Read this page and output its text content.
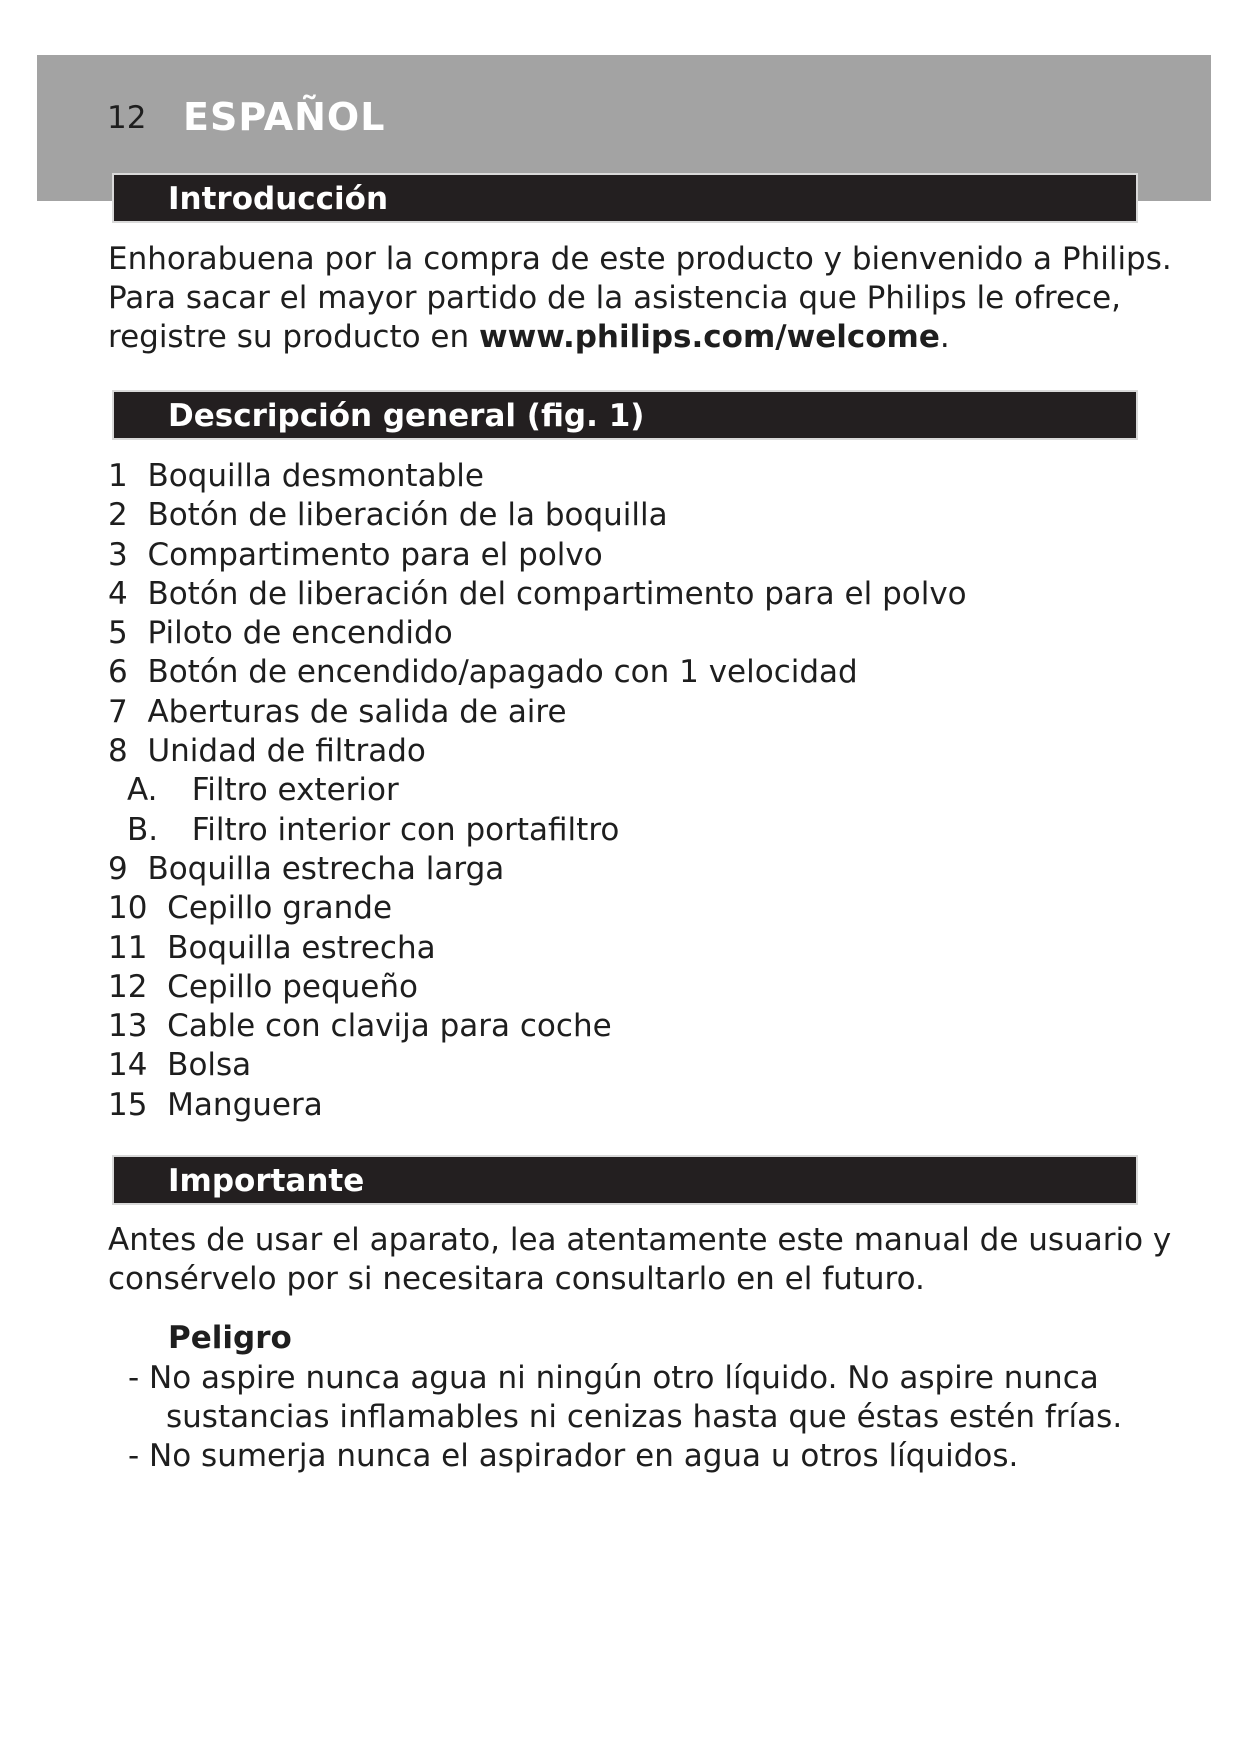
12 ESPAÑOL
Introducción
Enhorabuena por la compra de este producto y bienvenido a Philips.
Para sacar el mayor partido de la asistencia que Philips le ofrece,
registre su producto en www.philips.com/welcome.
Descripción general (fig. 1)
1 Boquilla desmontable
2 Botón de liberación de la boquilla
3 Compartimento para el polvo
4 Botón de liberación del compartimento para el polvo
5 Piloto de encendido
6 Botón de encendido/apagado con 1 velocidad
7 Aberturas de salida de aire
8 Unidad de filtrado
A. Filtro exterior
B. Filtro interior con portafiltro
9 Boquilla estrecha larga
10 Cepillo grande
11 Boquilla estrecha
12 Cepillo pequeño
13 Cable con clavija para coche
14 Bolsa
15 Manguera
Importante
Antes de usar el aparato, lea atentamente este manual de usuario y
consérvelo por si necesitara consultarlo en el futuro.
Peligro
- No aspire nunca agua ni ningún otro líquido. No aspire nunca
sustancias inflamables ni cenizas hasta que éstas estén frías.
- No sumerja nunca el aspirador en agua u otros líquidos.
